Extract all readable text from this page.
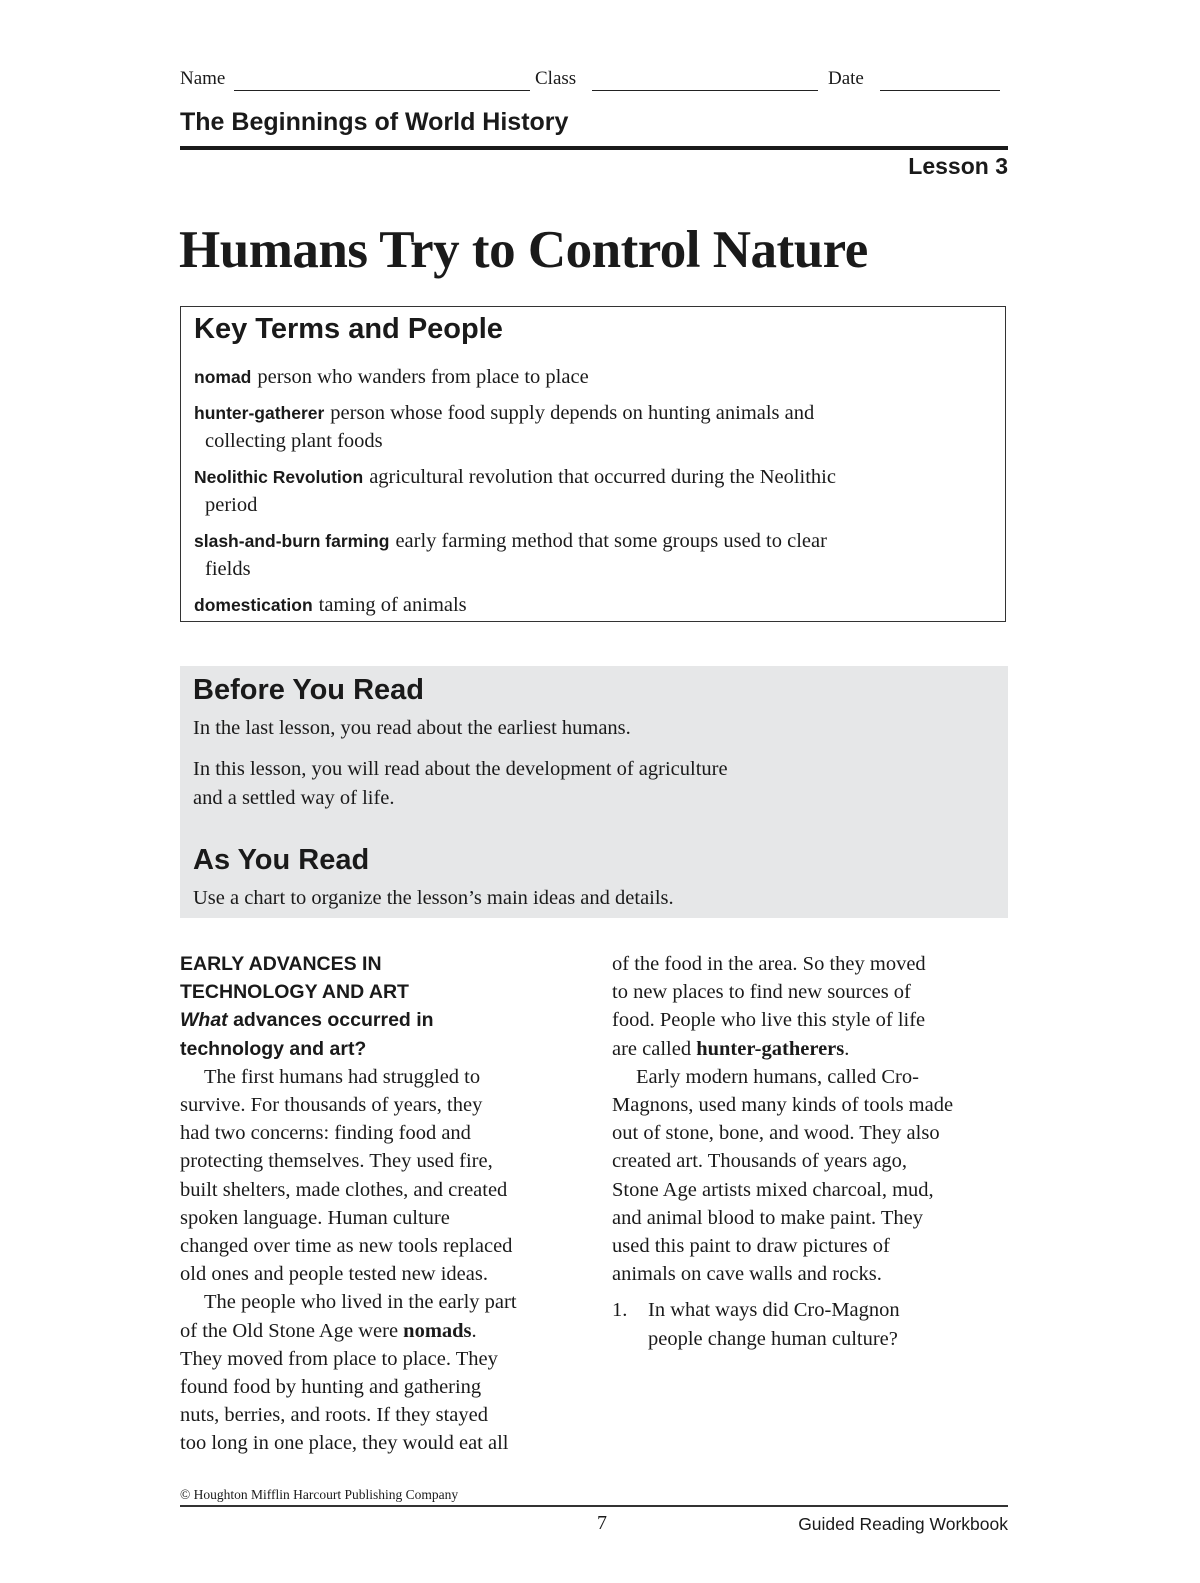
Name	Class	Date
The Beginnings of World History
Lesson 3
Humans Try to Control Nature
Key Terms and People
nomad person who wanders from place to place
hunter-gatherer person whose food supply depends on hunting animals and
collecting plant foods
Neolithic Revolution agricultural revolution that occurred during the Neolithic
period
slash-and-burn farming early farming method that some groups used to clear
fields
domestication taming of animals
Before You Read
In the last lesson, you read about the earliest humans.
In this lesson, you will read about the development of agriculture
and a settled way of life.
As You Read
Use a chart to organize the lesson’s main ideas and details.
EARLY ADVANCES IN
TECHNOLOGY AND ART
What advances occurred in
technology and art?
The first humans had struggled to
survive. For thousands of years, they
had two concerns: finding food and
protecting themselves. They used fire,
built shelters, made clothes, and created
spoken language. Human culture
changed over time as new tools replaced
old ones and people tested new ideas.
The people who lived in the early part
of the Old Stone Age were nomads.
They moved from place to place. They
found food by hunting and gathering
nuts, berries, and roots. If they stayed
too long in one place, they would eat all
of the food in the area. So they moved
to new places to find new sources of
food. People who live this style of life
are called hunter-gatherers.
Early modern humans, called Cro-
Magnons, used many kinds of tools made
out of stone, bone, and wood. They also
created art. Thousands of years ago,
Stone Age artists mixed charcoal, mud,
and animal blood to make paint. They
used this paint to draw pictures of
animals on cave walls and rocks.
1. In what ways did Cro-Magnon
people change human culture?
© Houghton Mifflin Harcourt Publishing Company
7	Guided Reading Workbook
